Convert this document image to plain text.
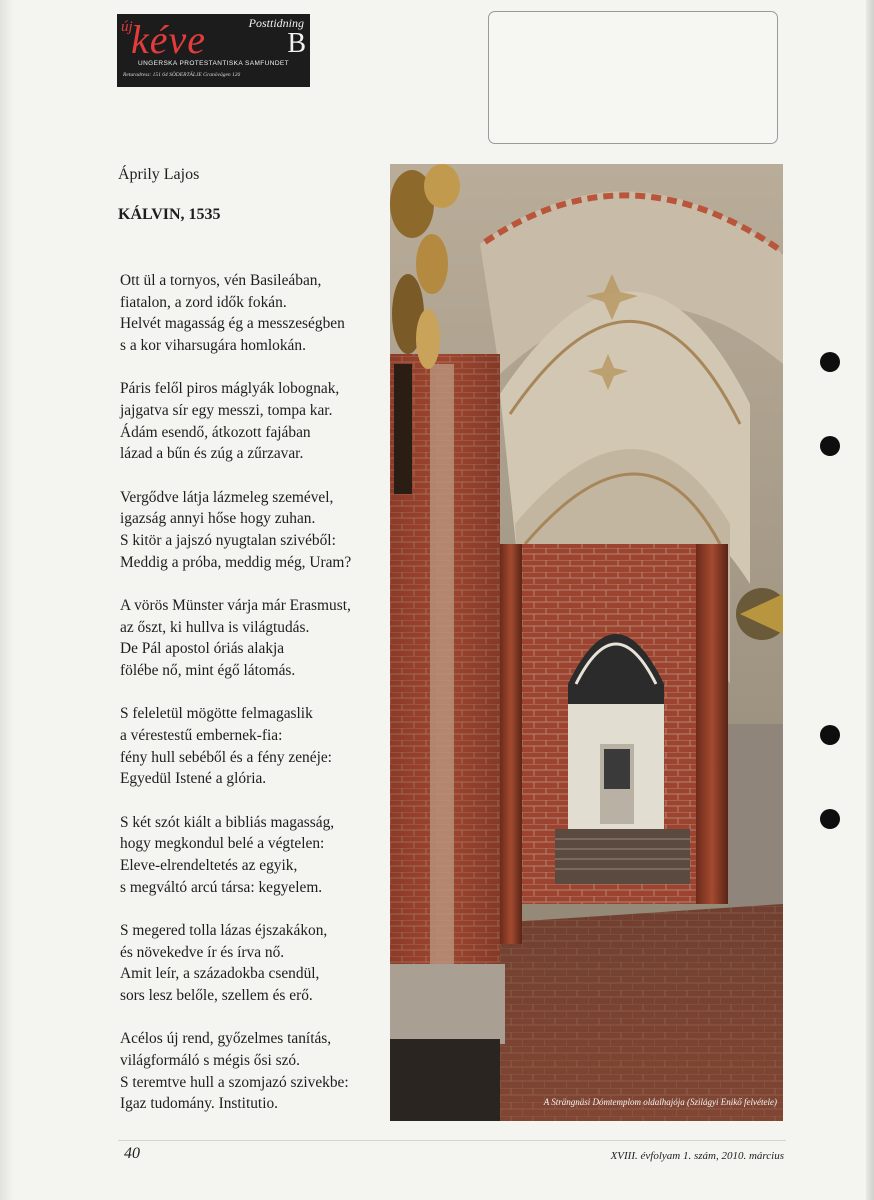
új
kéve	Posttidning
B
UNGERSKA PROTESTANTISKA SAMFUNDET
Returadress: 151 64 SÖDERTÄLJE Granövägen 126
Áprily Lajos
KÁLVIN, 1535
Ott ül a tornyos, vén Basileában,
fiatalon, a zord idők fokán.
Helvét magasság ég a messzeségben
s a kor viharsugára homlokán.
Páris felől piros máglyák lobognak,
jajgatva sír egy messzi, tompa kar.
Ádám esendő, átkozott fajában
lázad a bűn és zúg a zűrzavar.
Vergődve látja lázmeleg szemével,
igazság annyi hőse hogy zuhan.
S kitör a jajszó nyugtalan szivéből:
Meddig a próba, meddig még, Uram?
A vörös Münster várja már Erasmust,
az őszt, ki hullva is világtudás.
De Pál apostol óriás alakja
fölébe nő, mint égő látomás.
S feleletül mögötte felmagaslik
a vérestestű embernek-fia:
fény hull sebéből és a fény zenéje:
Egyedül Istené a glória.
S két szót kiált a bibliás magasság,
hogy megkondul belé a végtelen:
Eleve-elrendeltetés az egyik,
s megváltó arcú társa: kegyelem.
S megered tolla lázas éjszakákon,
és növekedve ír és írva nő.
Amit leír, a századokba csendül,
sors lesz belőle, szellem és erő.
Acélos új rend, győzelmes tanítás,
világformáló s mégis ősi szó.
S teremtve hull a szomjazó szivekbe:
Igaz tudomány. Institutio.	A Strängnäsi Dómtemplom oldalhajója (Szilágyi Enikő felvétele)
40	XVIII. évfolyam 1. szám, 2010. március
